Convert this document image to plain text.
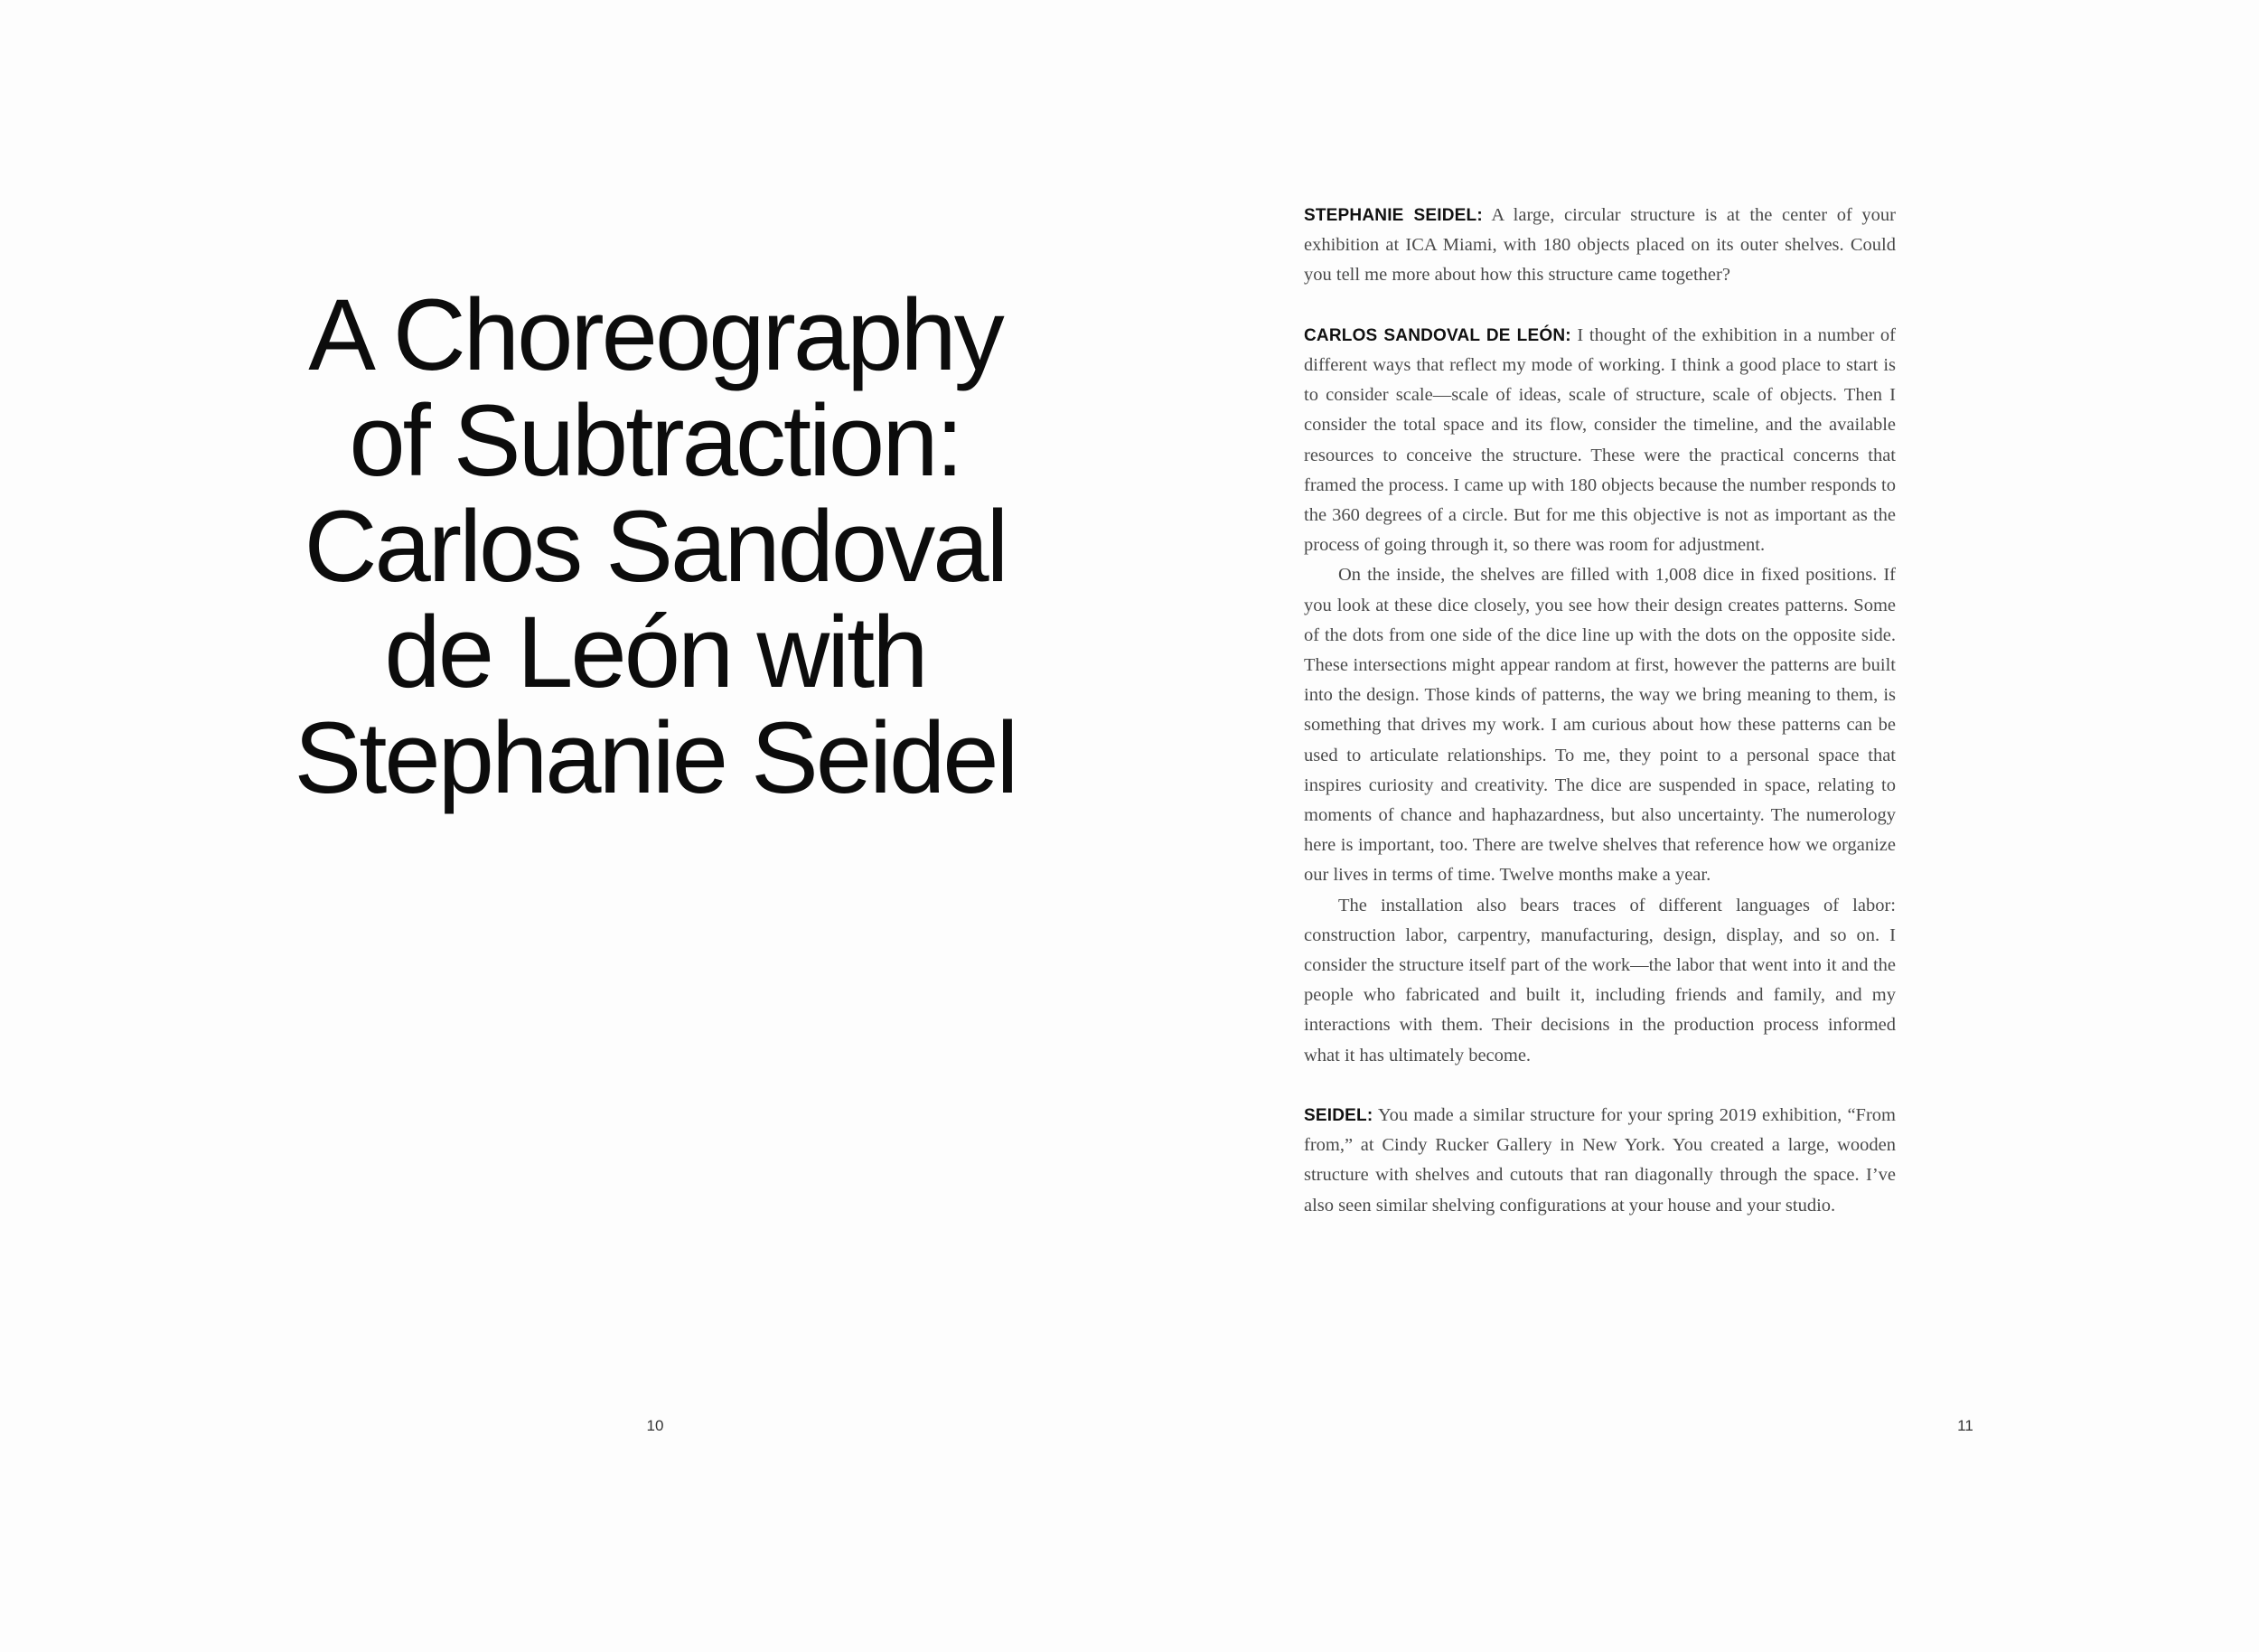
A Choreography
of Subtraction:
Carlos Sandoval
de León with
Stephanie Seidel
10	11

STEPHANIE SEIDEL: A large, circular structure is at the center of your exhibition at ICA Miami, with 180 objects placed on its outer shelves. Could you tell me more about how this structure came together?

CARLOS SANDOVAL DE LEÓN: I thought of the exhibition in a number of different ways that reflect my mode of working. I think a good place to start is to consider scale—scale of ideas, scale of structure, scale of objects. Then I consider the total space and its flow, consider the timeline, and the available resources to conceive the structure. These were the practical concerns that framed the process. I came up with 180 objects because the number responds to the 360 degrees of a circle. But for me this objective is not as important as the process of going through it, so there was room for adjustment.

On the inside, the shelves are filled with 1,008 dice in fixed positions. If you look at these dice closely, you see how their design creates patterns. Some of the dots from one side of the dice line up with the dots on the opposite side. These intersections might appear random at first, however the patterns are built into the design. Those kinds of patterns, the way we bring meaning to them, is something that drives my work. I am curious about how these patterns can be used to articulate relationships. To me, they point to a personal space that inspires curiosity and creativity. The dice are suspended in space, relating to moments of chance and haphazardness, but also uncertainty. The numerology here is important, too. There are twelve shelves that reference how we organize our lives in terms of time. Twelve months make a year.

The installation also bears traces of different languages of labor: construction labor, carpentry, manufacturing, design, display, and so on. I consider the structure itself part of the work—the labor that went into it and the people who fabricated and built it, including friends and family, and my interactions with them. Their decisions in the production process informed what it has ultimately become.

SEIDEL: You made a similar structure for your spring 2019 exhibition, “From from,” at Cindy Rucker Gallery in New York. You created a large, wooden structure with shelves and cutouts that ran diagonally through the space. I’ve also seen similar shelving configurations at your house and your studio.
